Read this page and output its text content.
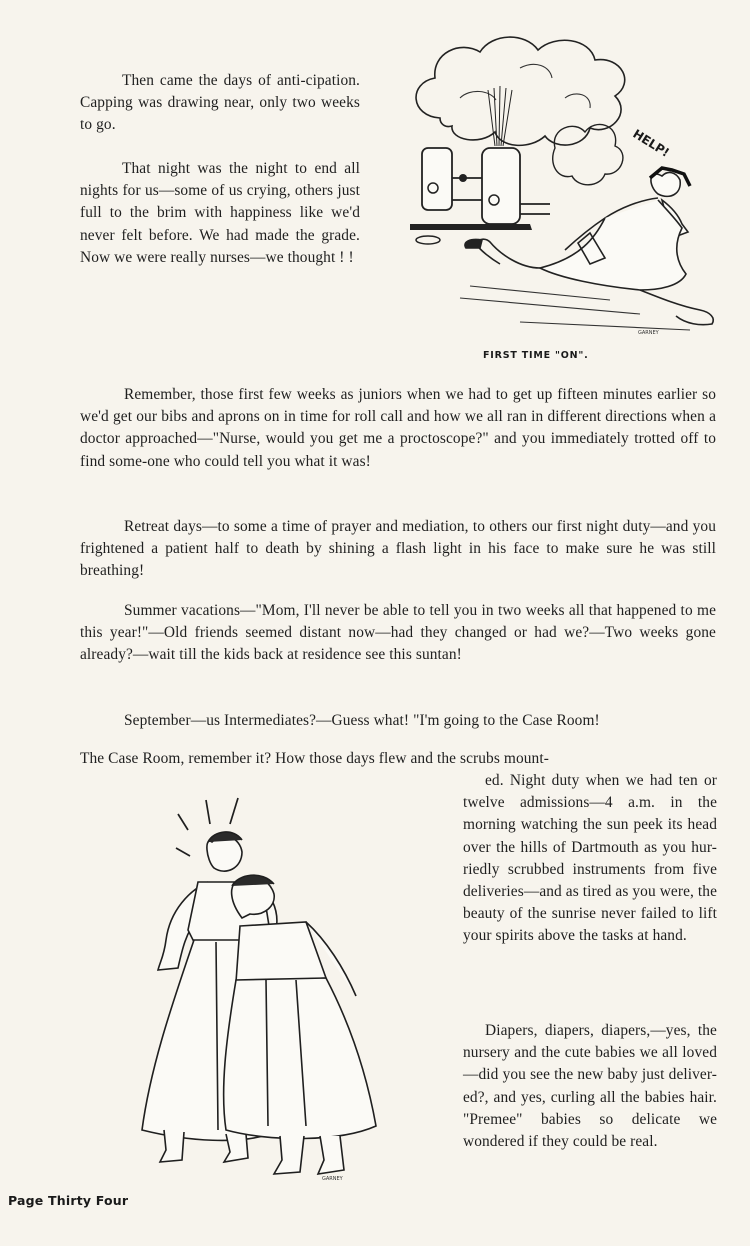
Then came the days of anti-cipation. Capping was drawing near, only two weeks to go.

That night was the night to end all nights for us—some of us crying, others just full to the brim with happiness like we'd never felt before. We had made the grade. Now we were really nurses—we thought ! !

HELP!
GARNEY
FIRST TIME "ON".

Remember, those first few weeks as juniors when we had to get up fifteen minutes earlier so we'd get our bibs and aprons on in time for roll call and how we all ran in different directions when a doctor approached—"Nurse, would you get me a proctoscope?" and you immediately trotted off to find some-one who could tell you what it was!

Retreat days—to some a time of prayer and mediation, to others our first night duty—and you frightened a patient half to death by shining a flash light in his face to make sure he was still breathing!

Summer vacations—"Mom, I'll never be able to tell you in two weeks all that happened to me this year!"—Old friends seemed distant now—had they changed or had we?—Two weeks gone already?—wait till the kids back at residence see this suntan!

September—us Intermediates?—Guess what! "I'm going to the Case Room!

The Case Room, remember it? How those days flew and the scrubs mount-

ed. Night duty when we had ten or twelve admissions—4 a.m. in the morning watching the sun peek its head over the hills of Dartmouth as you hur-riedly scrubbed instruments from five deliveries—and as tired as you were, the beauty of the sunrise never failed to lift your spirits above the tasks at hand.

Diapers, diapers, diapers,—yes, the nursery and the cute babies we all loved—did you see the new baby just deliver-ed?, and yes, curling all the babies hair. "Premee" babies so delicate we wondered if they could be real.

GARNEY
Page Thirty Four
